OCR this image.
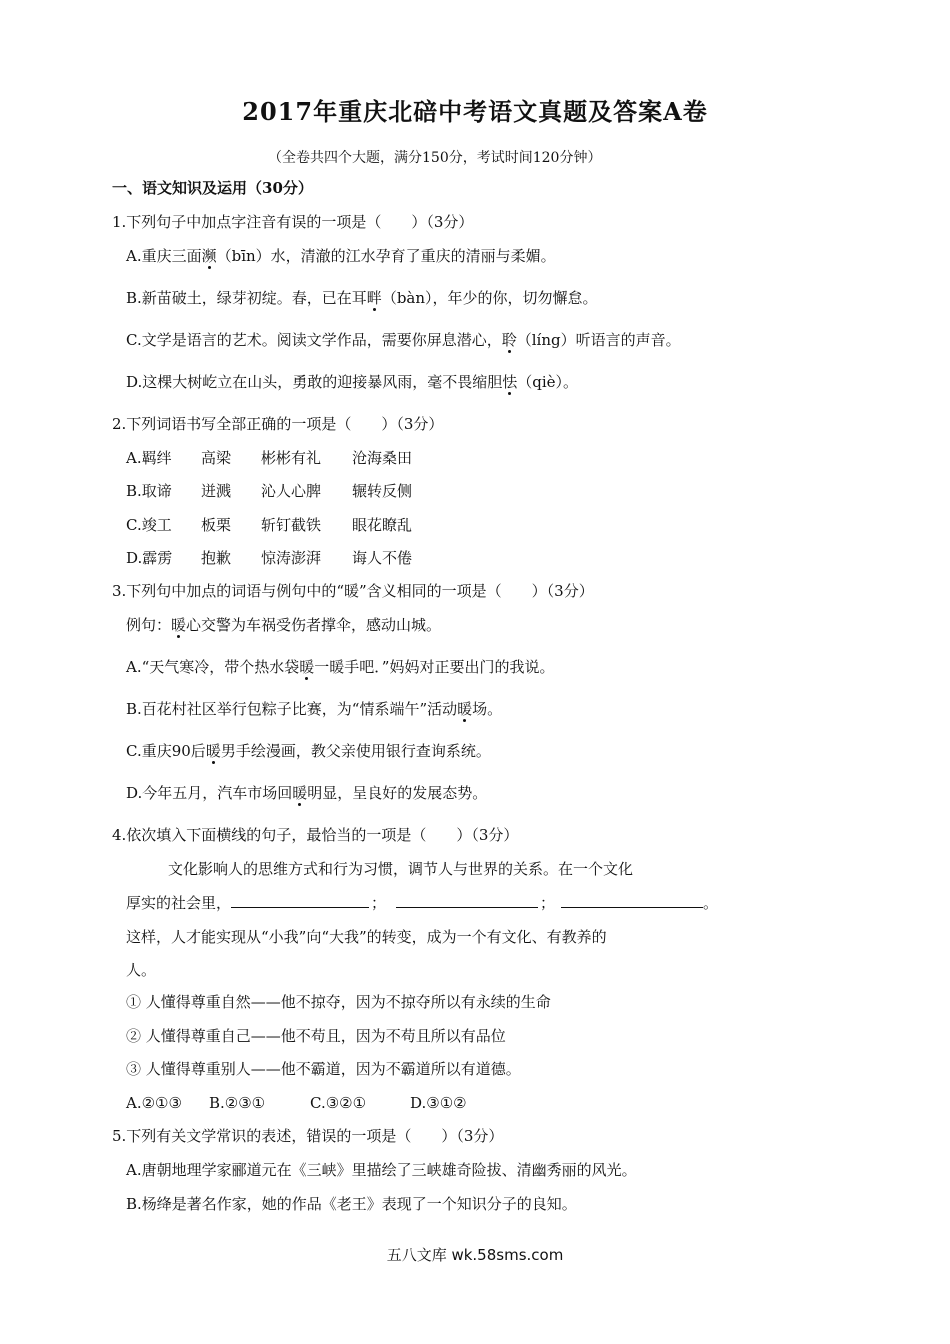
2017年重庆北碚中考语文真题及答案A卷
（全卷共四个大题，满分150分，考试时间120分钟）
一、语文知识及运用（30分）
1.下列句子中加点字注音有误的一项是（　　）（3分）
A.重庆三面濒（bīn）水，清澈的江水孕育了重庆的清丽与柔媚。
B.新苗破土，绿芽初绽。春，已在耳畔（bàn），年少的你，切勿懈怠。
C.文学是语言的艺术。阅读文学作品，需要你屏息潜心，聆（líng）听语言的声音。
D.这棵大树屹立在山头，勇敢的迎接暴风雨，毫不畏缩胆怯（qiè）。
2.下列词语书写全部正确的一项是（　　）（3分）
A.羁绊 高梁 彬彬有礼 沧海桑田
B.取谛 迸溅 沁人心脾 辗转反侧
C.竣工 板栗 斩钉截铁 眼花瞭乱
D.霹雳 抱歉 惊涛澎湃 诲人不倦
3.下列句中加点的词语与例句中的“暖”含义相同的一项是（　　）（3分）
例句：暖心交警为车祸受伤者撑伞，感动山城。
A.“天气寒冷，带个热水袋暖一暖手吧．”妈妈对正要出门的我说。
B.百花村社区举行包粽子比赛，为“情系端午”活动暖场。
C.重庆90后暖男手绘漫画，教父亲使用银行查询系统。
D.今年五月，汽车市场回暖明显，呈良好的发展态势。
4.依次填入下面横线的句子，最恰当的一项是（　　）（3分）
文化影响人的思维方式和行为习惯，调节人与世界的关系。在一个文化
厚实的社会里，	；	；	。
这样，人才能实现从“小我”向“大我”的转变，成为一个有文化、有教养的
人。
① 人懂得尊重自然——他不掠夺，因为不掠夺所以有永续的生命
② 人懂得尊重自己——他不苟且，因为不苟且所以有品位
③ 人懂得尊重别人——他不霸道，因为不霸道所以有道德。
A.②①③ B.②③①	C.③②①	D.③①②
5.下列有关文学常识的表述，错误的一项是（　　）（3分）
A.唐朝地理学家郦道元在《三峡》里描绘了三峡雄奇险拔、清幽秀丽的风光。
B.杨绛是著名作家，她的作品《老王》表现了一个知识分子的良知。
五八文库 wk.58sms.com
